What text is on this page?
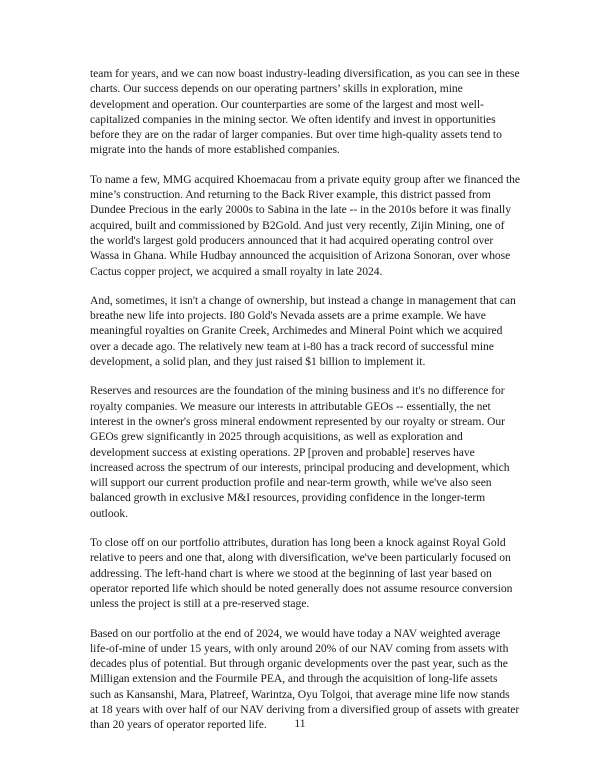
team for years, and we can now boast industry-leading diversification, as you can see in these charts. Our success depends on our operating partners’ skills in exploration, mine development and operation. Our counterparties are some of the largest and most well-capitalized companies in the mining sector. We often identify and invest in opportunities before they are on the radar of larger companies. But over time high-quality assets tend to migrate into the hands of more established companies.

To name a few, MMG acquired Khoemacau from a private equity group after we financed the mine’s construction. And returning to the Back River example, this district passed from Dundee Precious in the early 2000s to Sabina in the late -- in the 2010s before it was finally acquired, built and commissioned by B2Gold. And just very recently, Zijin Mining, one of the world's largest gold producers announced that it had acquired operating control over Wassa in Ghana. While Hudbay announced the acquisition of Arizona Sonoran, over whose Cactus copper project, we acquired a small royalty in late 2024.

And, sometimes, it isn't a change of ownership, but instead a change in management that can breathe new life into projects. I80 Gold's Nevada assets are a prime example. We have meaningful royalties on Granite Creek, Archimedes and Mineral Point which we acquired over a decade ago. The relatively new team at i-80 has a track record of successful mine development, a solid plan, and they just raised $1 billion to implement it.

Reserves and resources are the foundation of the mining business and it's no difference for royalty companies. We measure our interests in attributable GEOs -- essentially, the net interest in the owner's gross mineral endowment represented by our royalty or stream. Our GEOs grew significantly in 2025 through acquisitions, as well as exploration and development success at existing operations. 2P [proven and probable] reserves have increased across the spectrum of our interests, principal producing and development, which will support our current production profile and near-term growth, while we've also seen balanced growth in exclusive M&I resources, providing confidence in the longer-term outlook.

To close off on our portfolio attributes, duration has long been a knock against Royal Gold relative to peers and one that, along with diversification, we've been particularly focused on addressing. The left-hand chart is where we stood at the beginning of last year based on operator reported life which should be noted generally does not assume resource conversion unless the project is still at a pre-reserved stage.

Based on our portfolio at the end of 2024, we would have today a NAV weighted average life-of-mine of under 15 years, with only around 20% of our NAV coming from assets with decades plus of potential. But through organic developments over the past year, such as the Milligan extension and the Fourmile PEA, and through the acquisition of long-life assets such as Kansanshi, Mara, Platreef, Warintza, Oyu Tolgoi, that average mine life now stands at 18 years with over half of our NAV deriving from a diversified group of assets with greater than 20 years of operator reported life.	11
